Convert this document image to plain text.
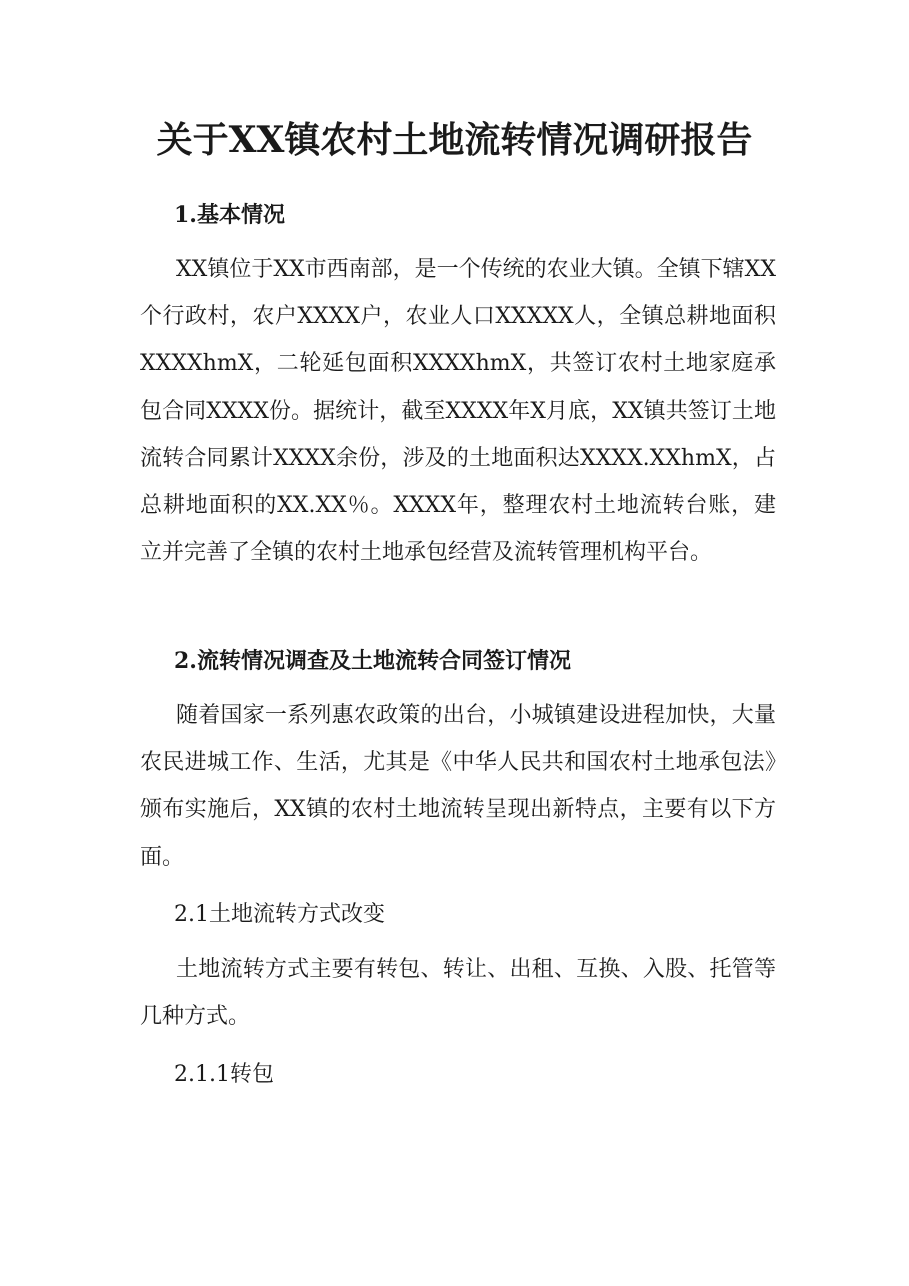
关于XX镇农村土地流转情况调研报告
1.基本情况

XX镇位于XX市西南部，是一个传统的农业大镇。全镇下辖XX个行政村，农户XXXX户，农业人口XXXXX人，全镇总耕地面积XXXXhmX，二轮延包面积XXXXhmX，共签订农村土地家庭承包合同XXXX份。据统计，截至XXXX年X月底，XX镇共签订土地流转合同累计XXXX余份，涉及的土地面积达XXXX.XXhmX，占总耕地面积的XX.XX％。XXXX年，整理农村土地流转台账，建立并完善了全镇的农村土地承包经营及流转管理机构平台。

2.流转情况调查及土地流转合同签订情况

随着国家一系列惠农政策的出台，小城镇建设进程加快，大量农民进城工作、生活，尤其是《中华人民共和国农村土地承包法》颁布实施后，XX镇的农村土地流转呈现出新特点，主要有以下方面。

2.1土地流转方式改变

土地流转方式主要有转包、转让、出租、互换、入股、托管等几种方式。

2.1.1转包
